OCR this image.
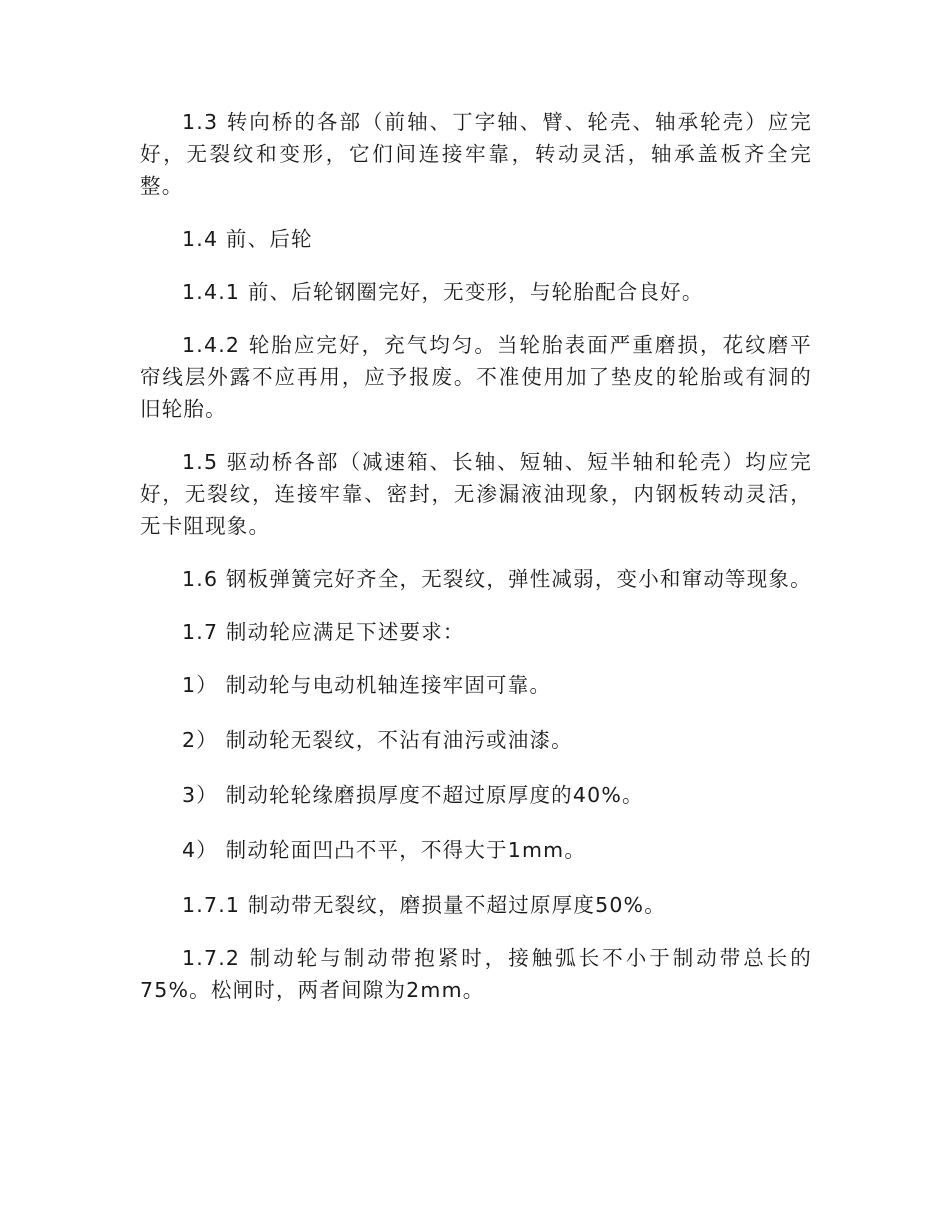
1.3 转向桥的各部（前轴、丁字轴、臂、轮壳、轴承轮壳）应完好，无裂纹和变形，它们间连接牢靠，转动灵活，轴承盖板齐全完整。

1.4 前、后轮

1.4.1 前、后轮钢圈完好，无变形，与轮胎配合良好。

1.4.2 轮胎应完好，充气均匀。当轮胎表面严重磨损，花纹磨平帘线层外露不应再用，应予报废。不准使用加了垫皮的轮胎或有洞的旧轮胎。

1.5 驱动桥各部（减速箱、长轴、短轴、短半轴和轮壳）均应完好，无裂纹，连接牢靠、密封，无渗漏液油现象，内钢板转动灵活，无卡阻现象。

1.6 钢板弹簧完好齐全，无裂纹，弹性减弱，变小和窜动等现象。

1.7 制动轮应满足下述要求：

1） 制动轮与电动机轴连接牢固可靠。

2） 制动轮无裂纹，不沾有油污或油漆。

3） 制动轮轮缘磨损厚度不超过原厚度的40%。

4） 制动轮面凹凸不平，不得大于1mm。

1.7.1 制动带无裂纹，磨损量不超过原厚度50%。

1.7.2 制动轮与制动带抱紧时，接触弧长不小于制动带总长的75%。松闸时，两者间隙为2mm。
